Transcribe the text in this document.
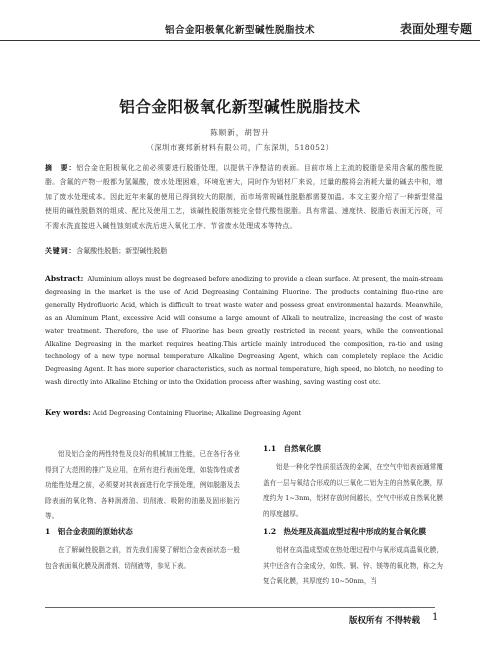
铝合金阳极氧化新型碱性脱脂技术	表面处理专题
铝合金阳极氧化新型碱性脱脂技术
陈顺新，胡智升
（深圳市赛邦新材料有限公司，广东深圳，518052）
摘　要：铝合金在阳极氧化之前必须要进行脱脂处理，以提供干净整洁的表面。目前市场上主流的脱脂是采用含氟的酸性脱脂。含氟的产物一般都为氢氟酸，废水处理困难，环境危害大，同时作为铝材厂来说，过量的酸将会消耗大量的碱去中和，增加了废水处理成本。因此近年来氟的使用已得到较大的限制，而市场常规碱性脱脂都需要加温。本文主要介绍了一种新型常温使用的碱性脱脂剂的组成、配比及使用工艺，该碱性脱脂剂能完全替代酸性脱脂。具有常温、速度快、脱脂后表面无污斑，可不需水洗直接进入碱性蚀刻或水洗后进入氧化工序、节省废水处理成本等特点。
关键词：含氟酸性脱脂；新型碱性脱脂
Abstract: Aluminium alloys must be degreased before anodizing to provide a clean surface. At present, the main-stream degreasing in the market is the use of Acid Degreasing Containing Fluorine. The products containing fluo-rine are generally Hydrofluoric Acid, which is difficult to treat waste water and possess great environmental hazards. Meanwhile, as an Aluminum Plant, excessive Acid will consume a large amount of Alkali to neutralize, increasing the cost of waste water treatment. Therefore, the use of Fluorine has been greatly restricted in recent years, while the conventional Alkaline Degreasing in the market requires heating.This article mainly introduced the composition, ra-tio and using technology of a new type normal temperature Alkaline Degreasing Agent, which can completely replace the Acidic Degreasing Agent. It has more superior characteristics, such as normal temperature, high speed, no blotch, no needing to wash directly into Alkaline Etching or into the Oxidation process after washing, saving wasting cost etc.
Key words: Acid Degreasing Containing Fluorine; Alkaline Degreasing Agent
铝及铝合金的两性特性及良好的机械加工性能，已在各行各业得到了大范围的推广及应用，在所有进行表面处理，如装饰性或者功能性处理之前，必须要对其表面进行化学预处理，例如脱脂及去除表面的氧化物、各种润滑油、切削液、吸附的油墨及固形脏污等。
1　铝合金表面的原始状态
在了解碱性脱脂之前，首先我们需要了解铝合金表面状态一般包含表面氧化膜及润滑剂、切削液等，参见下表。
1.1　自然氧化膜
铝是一种化学性质很活泼的金属，在空气中铝表面通常覆盖有一层与氧结合形成的以三氧化二铝为主的自然氧化膜，厚度约为 1~3nm，铝材存放时间越长，空气中形成自然氧化膜的厚度越厚。
1.2　热处理及高温成型过程中形成的复合氧化膜
铝材在高温成型或在热处理过程中与氧形成高温氧化膜，其中还含有合金成分，如铁、铜、锌、镁等的氧化物，称之为复合氧化膜，其厚度约 10~50nm，当
版权所有 不得转载 1
